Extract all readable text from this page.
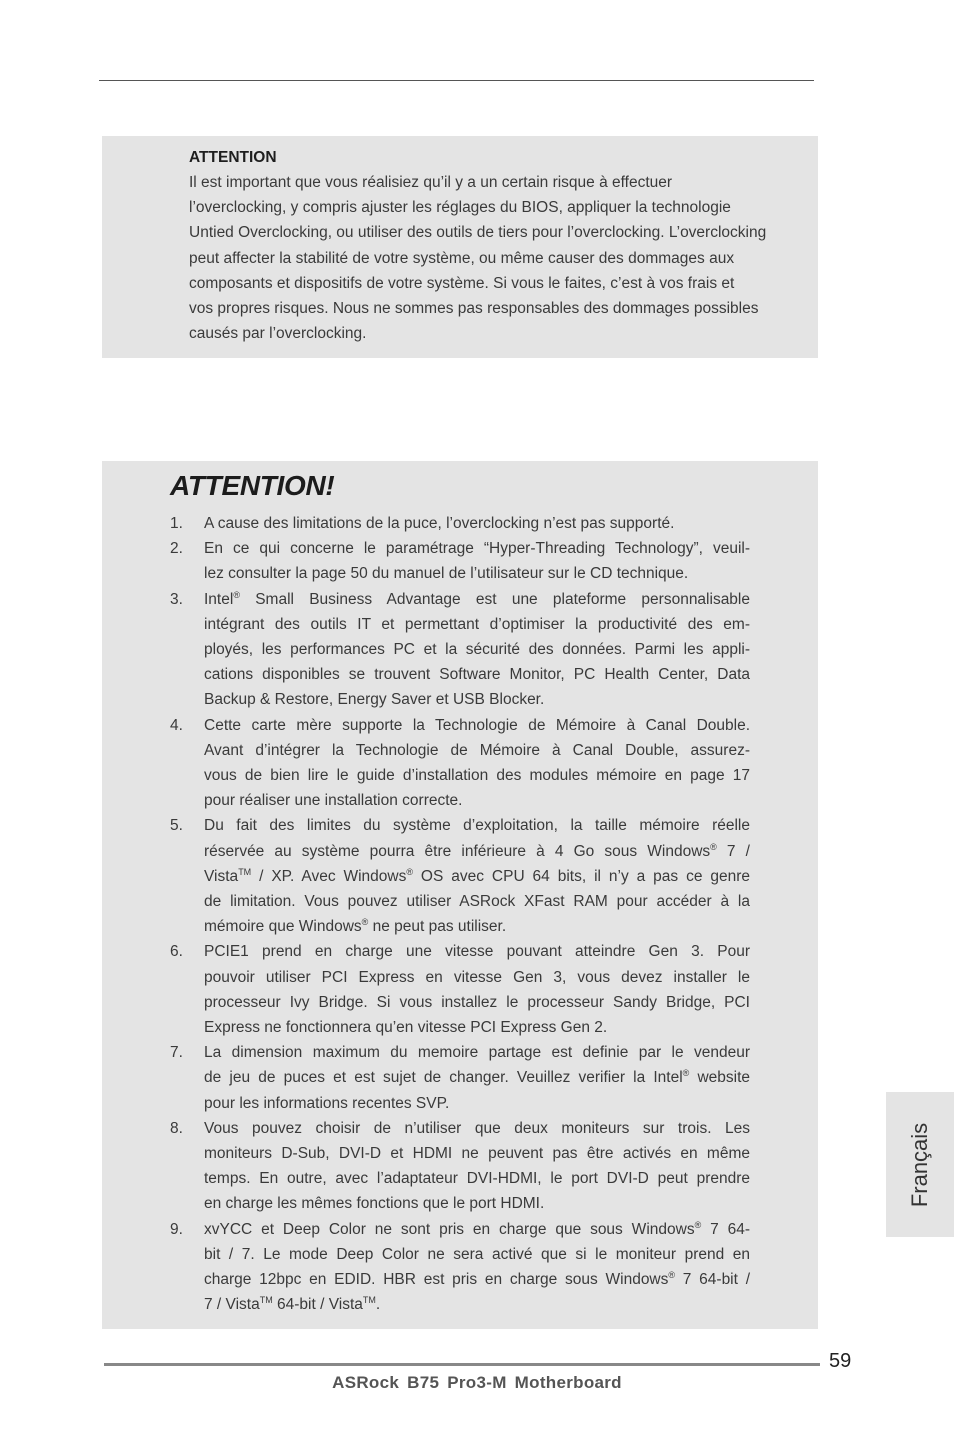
ATTENTION
Il est important que vous réalisiez qu’il y a un certain risque à effectuer
l’overclocking, y compris ajuster les réglages du BIOS, appliquer la technologie
Untied Overclocking, ou utiliser des outils de tiers pour l’overclocking. L’overclocking
peut affecter la stabilité de votre système, ou même causer des dommages aux
composants et dispositifs de votre système. Si vous le faites, c’est à vos frais et
vos propres risques. Nous ne sommes pas responsables des dommages possibles
causés par l’overclocking.
ATTENTION!
1. A cause des limitations de la puce, l’overclocking n’est pas supporté.
2. En ce qui concerne le paramétrage “Hyper-Threading Technology”, veuil-
lez consulter la page 50 du manuel de l’utilisateur sur le CD technique.
3. Intel® Small Business Advantage est une plateforme personnalisable
intégrant des outils IT et permettant d’optimiser la productivité des em-
ployés, les performances PC et la sécurité des données. Parmi les appli-
cations disponibles se trouvent Software Monitor, PC Health Center, Data
Backup & Restore, Energy Saver et USB Blocker.
4. Cette carte mère supporte la Technologie de Mémoire à Canal Double.
Avant d’intégrer la Technologie de Mémoire à Canal Double, assurez-
vous de bien lire le guide d’installation des modules mémoire en page 17
pour réaliser une installation correcte.
5. Du fait des limites du système d’exploitation, la taille mémoire réelle
réservée au système pourra être inférieure à 4 Go sous Windows® 7 /
Vista™ / XP. Avec Windows® OS avec CPU 64 bits, il n’y a pas ce genre
de limitation. Vous pouvez utiliser ASRock XFast RAM pour accéder à la
mémoire que Windows® ne peut pas utiliser.
6. PCIE1 prend en charge une vitesse pouvant atteindre Gen 3. Pour
pouvoir utiliser PCI Express en vitesse Gen 3, vous devez installer le
processeur Ivy Bridge. Si vous installez le processeur Sandy Bridge, PCI
Express ne fonctionnera qu’en vitesse PCI Express Gen 2.
7. La dimension maximum du memoire partage est definie par le vendeur
de jeu de puces et est sujet de changer. Veuillez verifier la Intel® website
pour les informations recentes SVP.
8. Vous pouvez choisir de n’utiliser que deux moniteurs sur trois. Les
moniteurs D-Sub, DVI-D et HDMI ne peuvent pas être activés en même
temps. En outre, avec l’adaptateur DVI-HDMI, le port DVI-D peut prendre
en charge les mêmes fonctions que le port HDMI.
9. xvYCC et Deep Color ne sont pris en charge que sous Windows® 7 64-
bit / 7. Le mode Deep Color ne sera activé que si le moniteur prend en
charge 12bpc en EDID. HBR est pris en charge sous Windows® 7 64-bit /
7 / Vista™ 64-bit / Vista™.
Français
59
ASRock B75 Pro3-M Motherboard
